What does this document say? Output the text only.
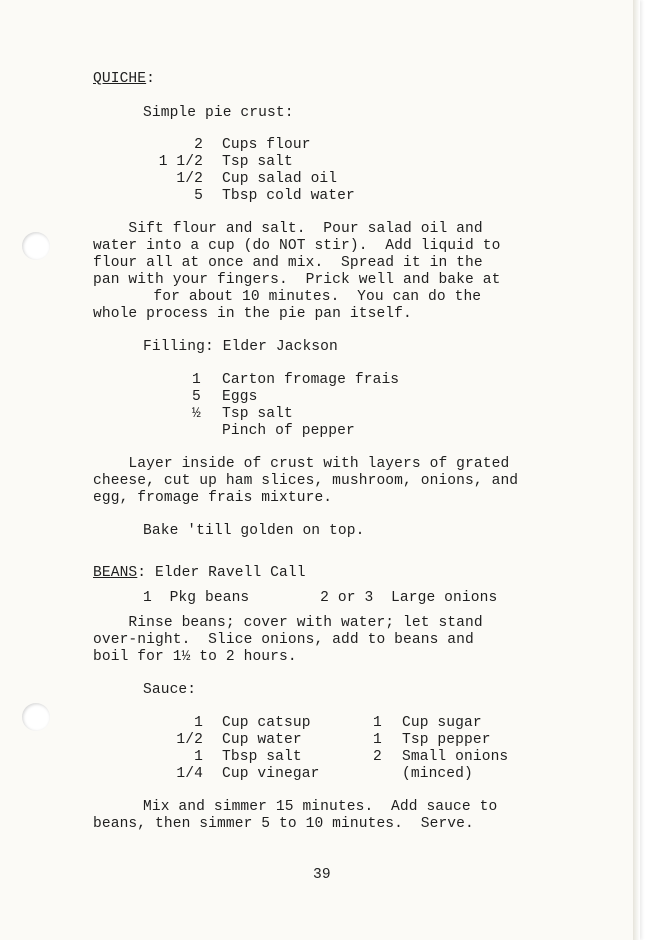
QUICHE:
Simple pie crust:
2 Cups flour
1 1/2 Tsp salt
1/2 Cup salad oil
5 Tbsp cold water
Sift flour and salt.  Pour salad oil and
water into a cup (do NOT stir).  Add liquid to
flour all at once and mix.  Spread it in the
pan with your fingers.  Prick well and bake at
for about 10 minutes.  You can do the
whole process in the pie pan itself.
Filling: Elder Jackson
1 Carton fromage frais
5 Eggs
½ Tsp salt
Pinch of pepper
Layer inside of crust with layers of grated
cheese, cut up ham slices, mushroom, onions, and
egg, fromage frais mixture.
Bake 'till golden on top.
BEANS: Elder Ravell Call
1  Pkg beans        2 or 3  Large onions
Rinse beans; cover with water; let stand
over-night.  Slice onions, add to beans and
boil for 1½ to 2 hours.
Sauce:
1 Cup catsup
1/2 Cup water
1 Tbsp salt
1/4 Cup vinegar
1 Cup sugar
1 Tsp pepper
2 Small onions
(minced)
Mix and simmer 15 minutes.  Add sauce to
beans, then simmer 5 to 10 minutes.  Serve.
39
